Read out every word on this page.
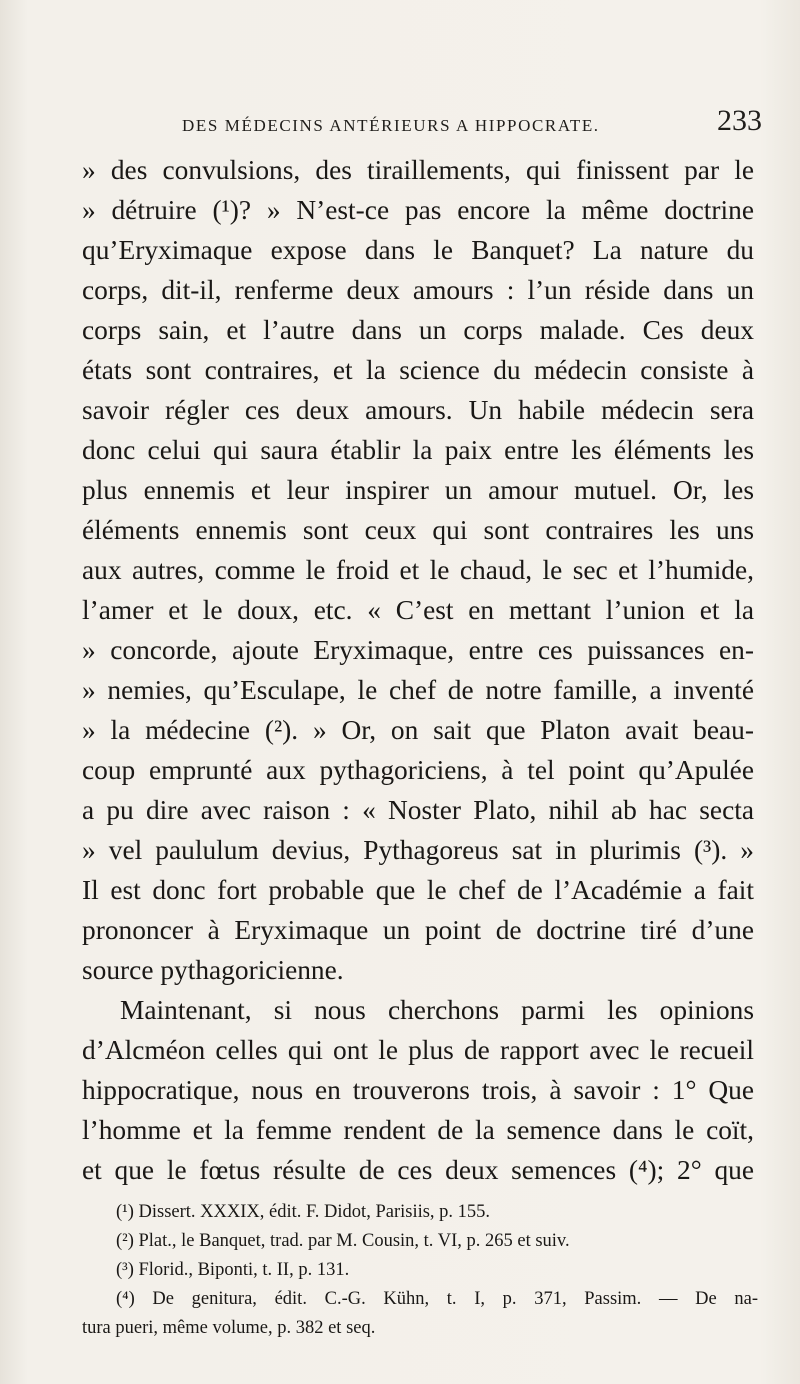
DES MÉDECINS ANTÉRIEURS A HIPPOCRATE.	233
» des convulsions, des tiraillements, qui finissent par le
» détruire (¹)? » N’est-ce pas encore la même doctrine
qu’Eryximaque expose dans le Banquet? La nature du
corps, dit-il, renferme deux amours : l’un réside dans un
corps sain, et l’autre dans un corps malade. Ces deux
états sont contraires, et la science du médecin consiste à
savoir régler ces deux amours. Un habile médecin sera
donc celui qui saura établir la paix entre les éléments les
plus ennemis et leur inspirer un amour mutuel. Or, les
éléments ennemis sont ceux qui sont contraires les uns
aux autres, comme le froid et le chaud, le sec et l’humide,
l’amer et le doux, etc. « C’est en mettant l’union et la
» concorde, ajoute Eryximaque, entre ces puissances en-
» nemies, qu’Esculape, le chef de notre famille, a inventé
» la médecine (²). » Or, on sait que Platon avait beau-
coup emprunté aux pythagoriciens, à tel point qu’Apulée
a pu dire avec raison : « Noster Plato, nihil ab hac secta
» vel paululum devius, Pythagoreus sat in plurimis (³). »
Il est donc fort probable que le chef de l’Académie a fait
prononcer à Eryximaque un point de doctrine tiré d’une
source pythagoricienne.
Maintenant, si nous cherchons parmi les opinions
d’Alcméon celles qui ont le plus de rapport avec le recueil
hippocratique, nous en trouverons trois, à savoir : 1° Que
l’homme et la femme rendent de la semence dans le coït,
et que le fœtus résulte de ces deux semences (⁴); 2° que
(¹) Dissert. XXXIX, édit. F. Didot, Parisiis, p. 155.
(²) Plat., le Banquet, trad. par M. Cousin, t. VI, p. 265 et suiv.
(³) Florid., Biponti, t. II, p. 131.
(⁴) De genitura, édit. C.-G. Kühn, t. I, p. 371, Passim. — De na-
tura pueri, même volume, p. 382 et seq.
